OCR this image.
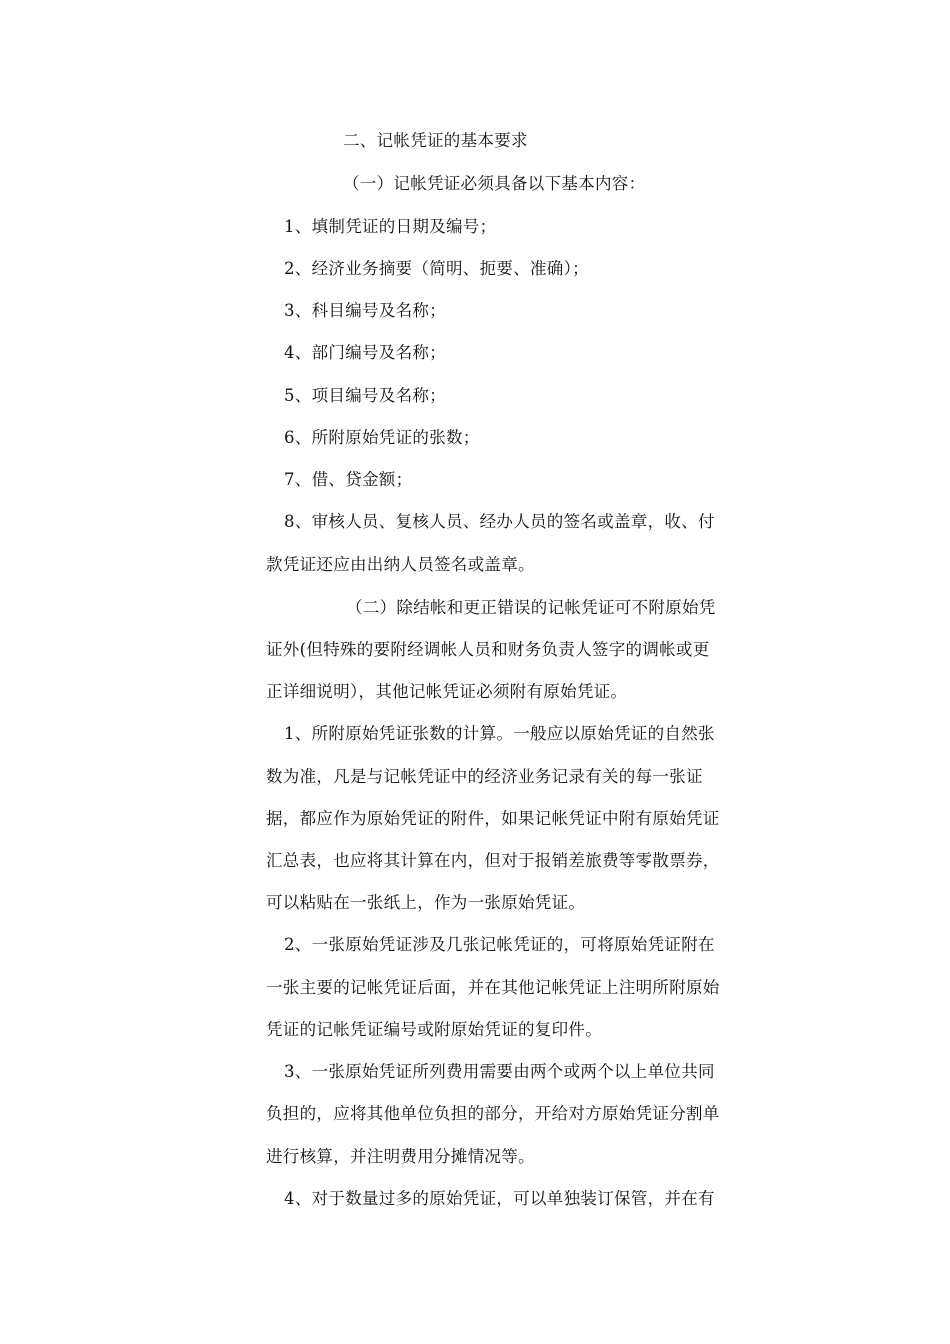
二、记帐凭证的基本要求
（一）记帐凭证必须具备以下基本内容：
1、填制凭证的日期及编号；
2、经济业务摘要（简明、扼要、准确）；
3、科目编号及名称；
4、部门编号及名称；
5、项目编号及名称；
6、所附原始凭证的张数；
7、借、贷金额；
8、审核人员、复核人员、经办人员的签名或盖章，收、付
款凭证还应由出纳人员签名或盖章。
（二）除结帐和更正错误的记帐凭证可不附原始凭
证外(但特殊的要附经调帐人员和财务负责人签字的调帐或更
正详细说明），其他记帐凭证必须附有原始凭证。
1、所附原始凭证张数的计算。一般应以原始凭证的自然张
数为准，凡是与记帐凭证中的经济业务记录有关的每一张证
据，都应作为原始凭证的附件，如果记帐凭证中附有原始凭证
汇总表，也应将其计算在内，但对于报销差旅费等零散票券，
可以粘贴在一张纸上，作为一张原始凭证。
2、一张原始凭证涉及几张记帐凭证的，可将原始凭证附在
一张主要的记帐凭证后面，并在其他记帐凭证上注明所附原始
凭证的记帐凭证编号或附原始凭证的复印件。
3、一张原始凭证所列费用需要由两个或两个以上单位共同
负担的，应将其他单位负担的部分，开给对方原始凭证分割单
进行核算，并注明费用分摊情况等。
4、对于数量过多的原始凭证，可以单独装订保管，并在有
